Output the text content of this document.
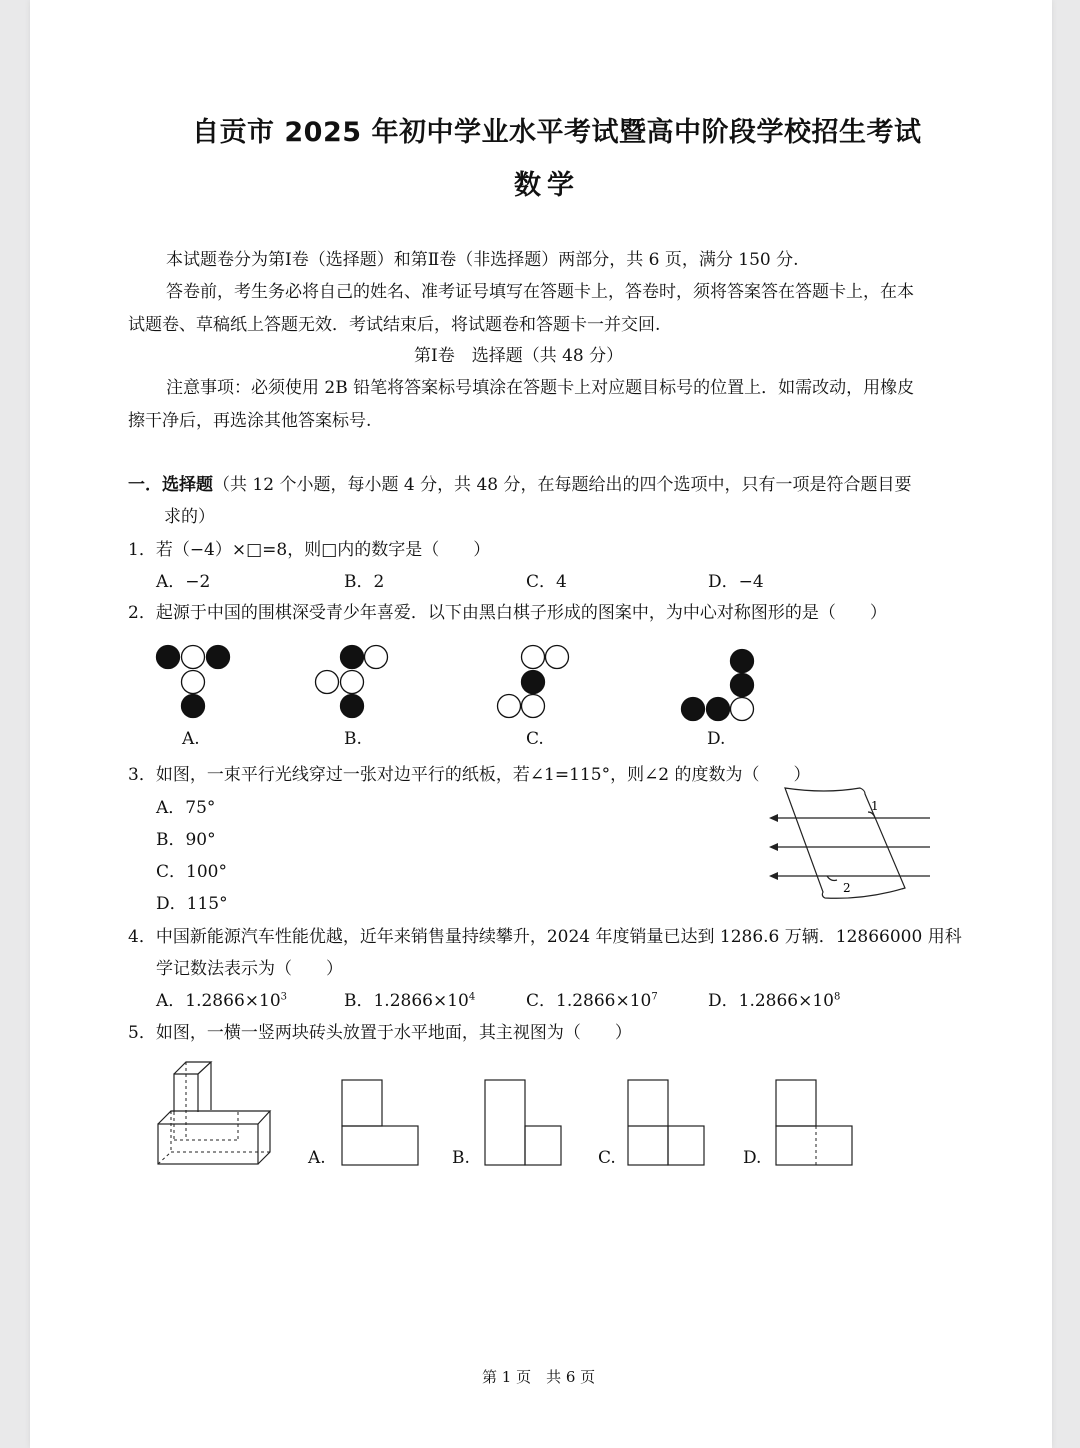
自贡市 2025 年初中学业水平考试暨高中阶段学校招生考试
数学
本试题卷分为第Ⅰ卷（选择题）和第Ⅱ卷（非选择题）两部分，共 6 页，满分 150 分.
答卷前，考生务必将自己的姓名、准考证号填写在答题卡上，答卷时，须将答案答在答题卡上，在本
试题卷、草稿纸上答题无效．考试结束后，将试题卷和答题卡一并交回.
第Ⅰ卷　选择题（共 48 分）
注意事项：必须使用 2B 铅笔将答案标号填涂在答题卡上对应题目标号的位置上．如需改动，用橡皮
擦干净后，再选涂其他答案标号.
一．选择题（共 12 个小题，每小题 4 分，共 48 分，在每题给出的四个选项中，只有一项是符合题目要
求的）
1．若（−4）×□=8，则□内的数字是（　　）
A．−2	B．2	C．4	D．−4
2．起源于中国的围棋深受青少年喜爱．以下由黑白棋子形成的图案中，为中心对称图形的是（　　）
A.	B.	C.	D.
3．如图，一束平行光线穿过一张对边平行的纸板，若∠1=115°，则∠2 的度数为（　　）
A．75°
B．90°
C．100°
D．115°
1
2
4．中国新能源汽车性能优越，近年来销售量持续攀升，2024 年度销量已达到 1286.6 万辆．12866000 用科
学记数法表示为（　　）
A．$1.2866\times 10^3$	B．$1.2866\times 10^4$	C．$1.2866\times 10^7$	D．$1.2866\times 10^8$
5．如图，一横一竖两块砖头放置于水平地面，其主视图为（　　）
A.	B.	C.	D.
第 1 页　共 6 页
